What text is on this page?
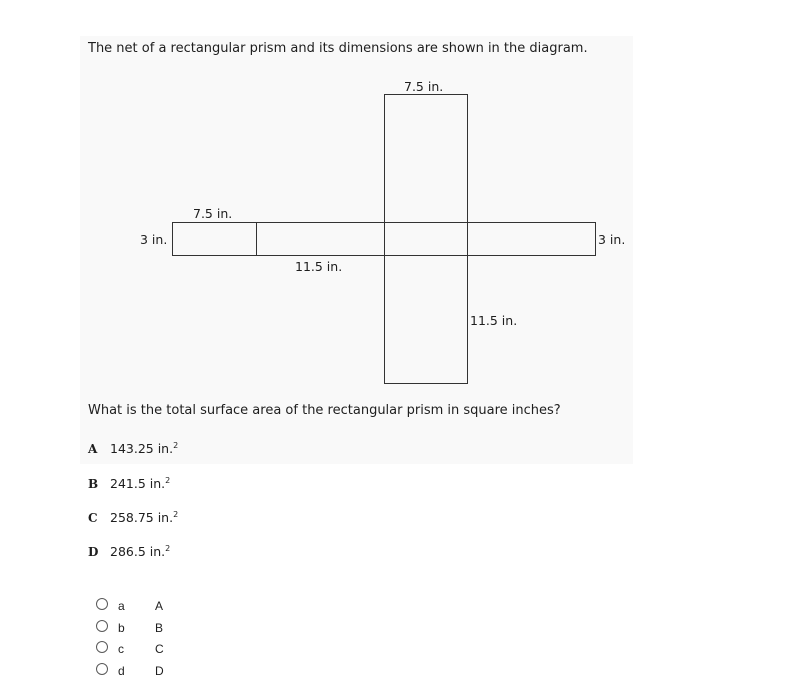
The net of a rectangular prism and its dimensions are shown in the diagram.
7.5 in.
7.5 in.
3 in.	3 in.
11.5 in.
11.5 in.
What is the total surface area of the rectangular prism in square inches?
A 143.25 in.$^2$
B 241.5 in.$^2$
C 258.75 in.$^2$
D 286.5 in.$^2$
a	A
b	B
c	C
d	D
